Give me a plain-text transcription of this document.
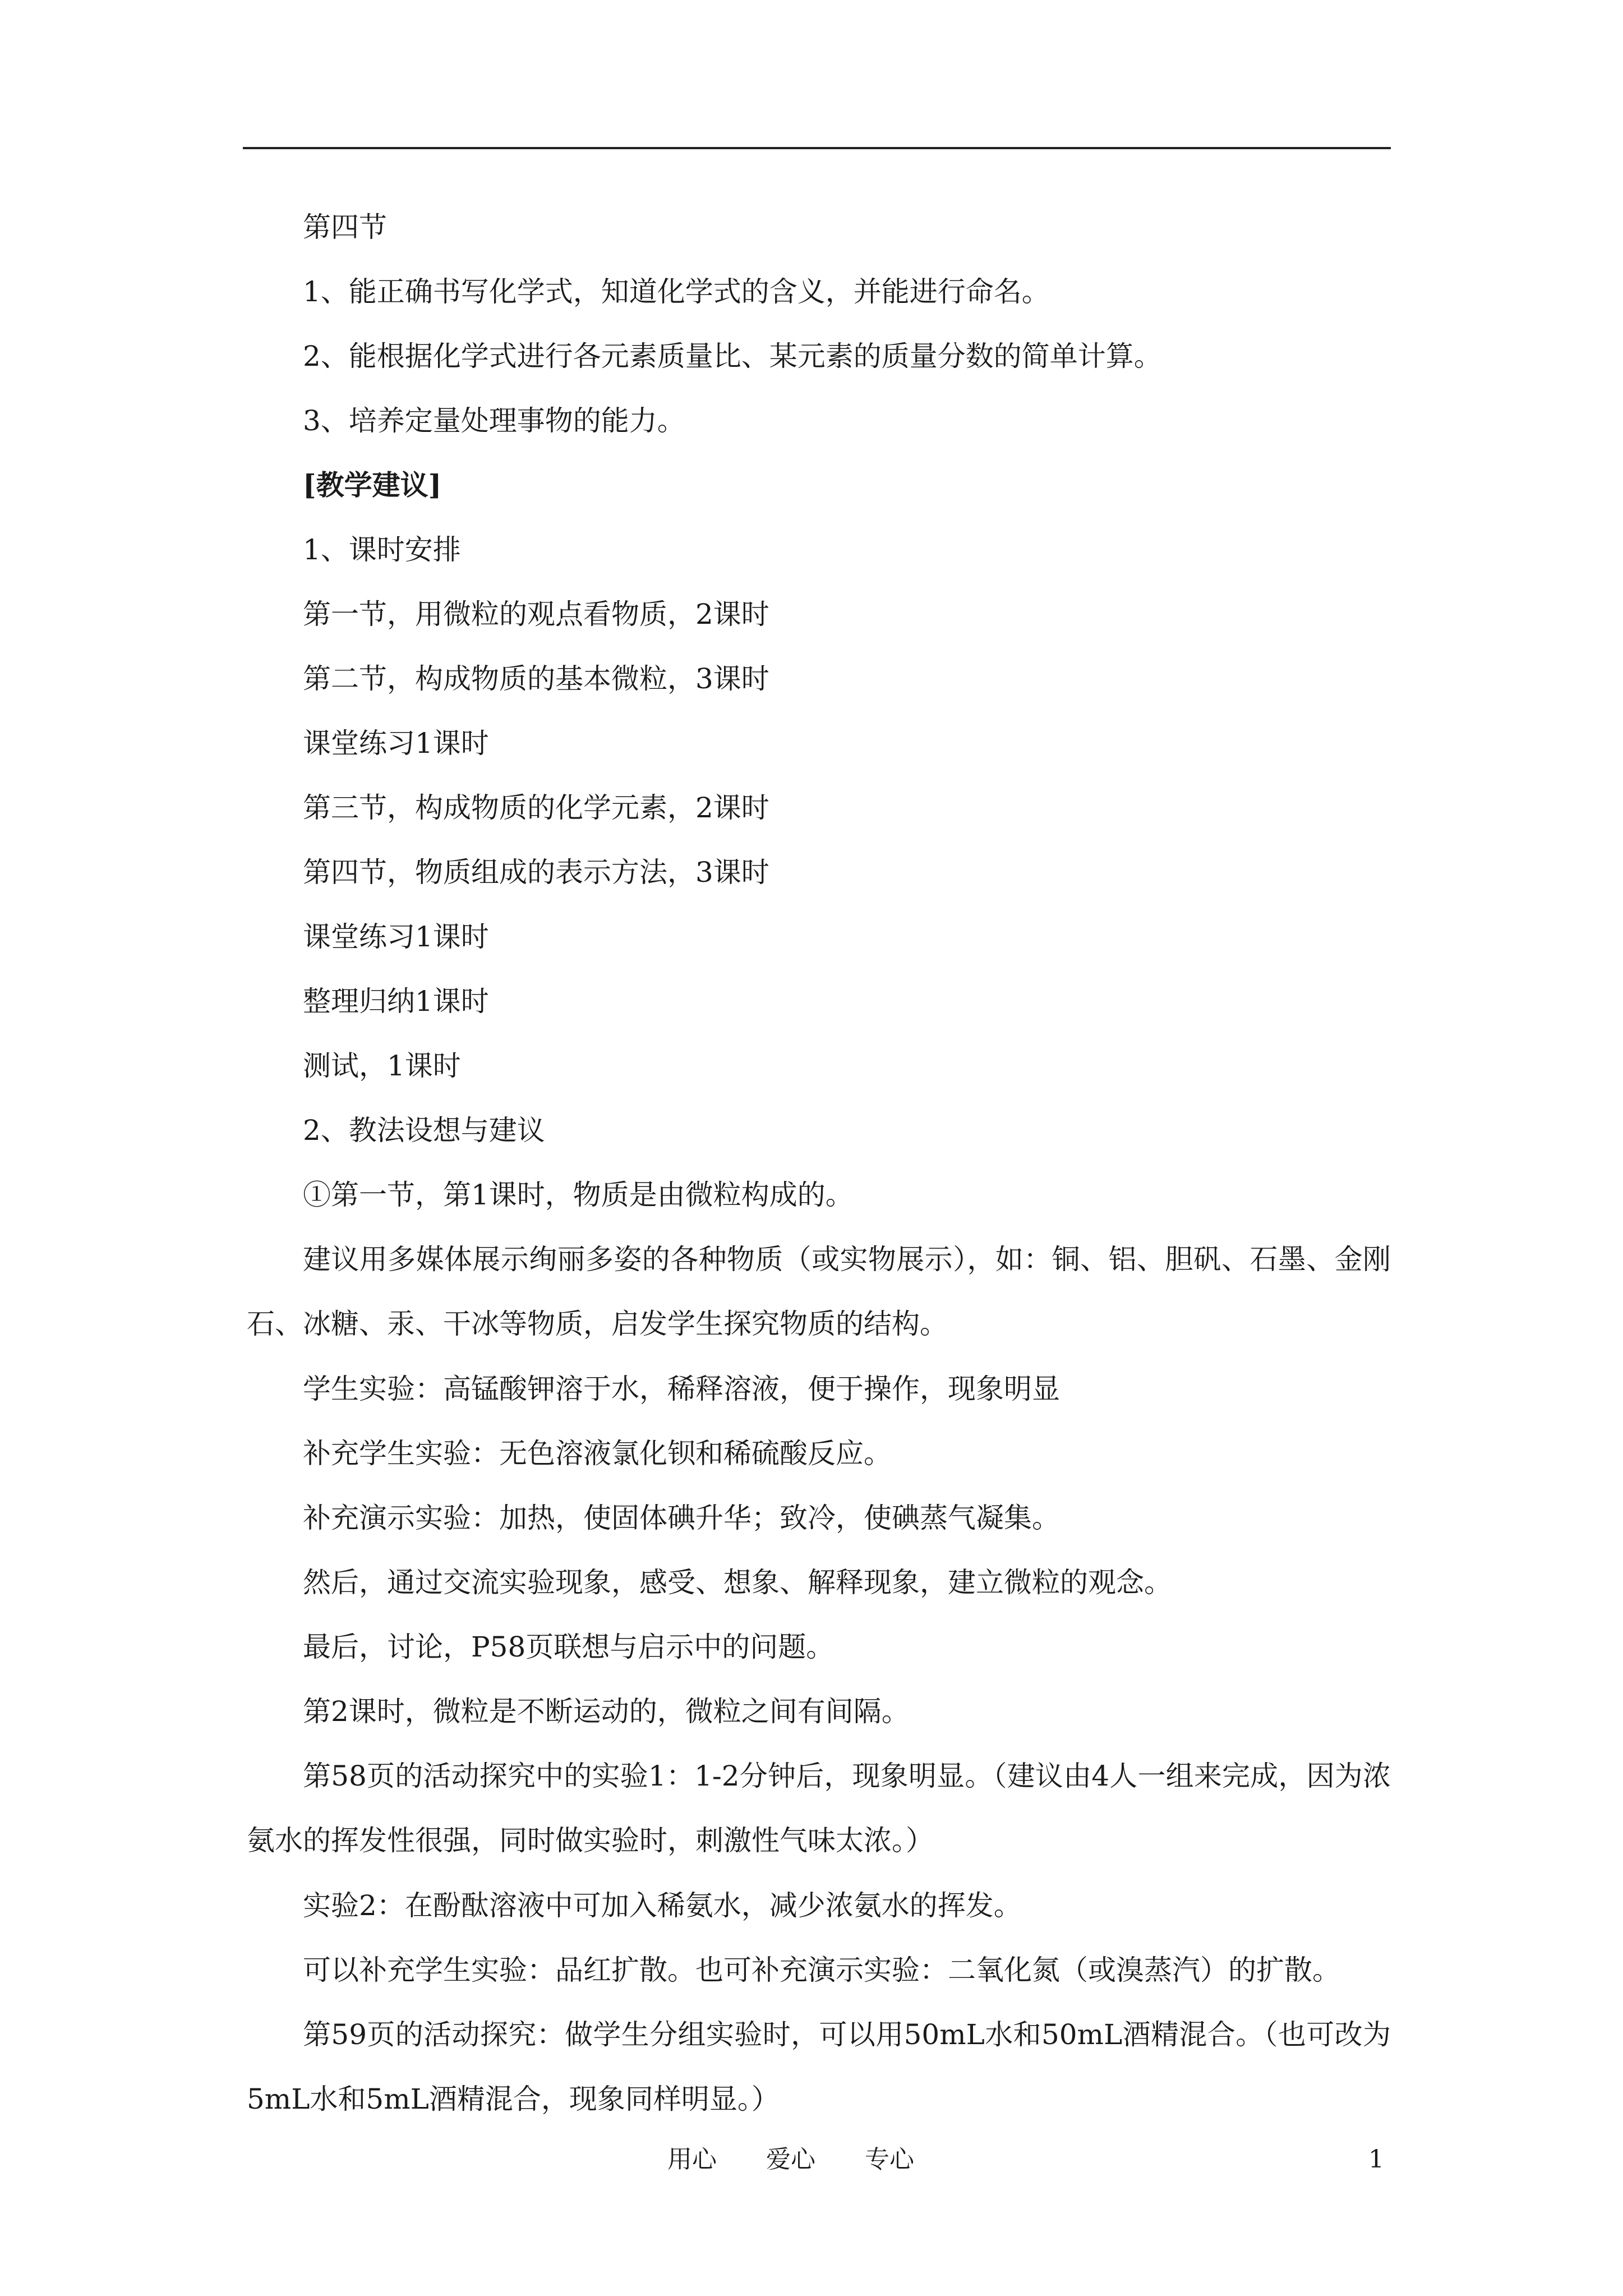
第四节
1、能正确书写化学式，知道化学式的含义，并能进行命名。
2、能根据化学式进行各元素质量比、某元素的质量分数的简单计算。
3、培养定量处理事物的能力。
[教学建议]
1、课时安排
第一节，用微粒的观点看物质，2课时
第二节，构成物质的基本微粒，3课时
课堂练习1课时
第三节，构成物质的化学元素，2课时
第四节，物质组成的表示方法，3课时
课堂练习1课时
整理归纳1课时
测试，1课时
2、教法设想与建议
①第一节，第1课时，物质是由微粒构成的。
建议用多媒体展示绚丽多姿的各种物质（或实物展示），如：铜、铝、胆矾、石墨、金刚石、冰糖、汞、干冰等物质，启发学生探究物质的结构。
学生实验：高锰酸钾溶于水，稀释溶液，便于操作，现象明显
补充学生实验：无色溶液氯化钡和稀硫酸反应。
补充演示实验：加热，使固体碘升华；致冷，使碘蒸气凝集。
然后，通过交流实验现象，感受、想象、解释现象，建立微粒的观念。
最后，讨论，P58页联想与启示中的问题。
第2课时，微粒是不断运动的，微粒之间有间隔。
第58页的活动探究中的实验1：1-2分钟后，现象明显。（建议由4人一组来完成，因为浓氨水的挥发性很强，同时做实验时，刺激性气味太浓。）
实验2：在酚酞溶液中可加入稀氨水，减少浓氨水的挥发。
可以补充学生实验：品红扩散。也可补充演示实验：二氧化氮（或溴蒸汽）的扩散。
第59页的活动探究：做学生分组实验时，可以用50mL水和50mL酒精混合。（也可改为5mL水和5mL酒精混合，现象同样明显。）
用心　　爱心　　专心	1
